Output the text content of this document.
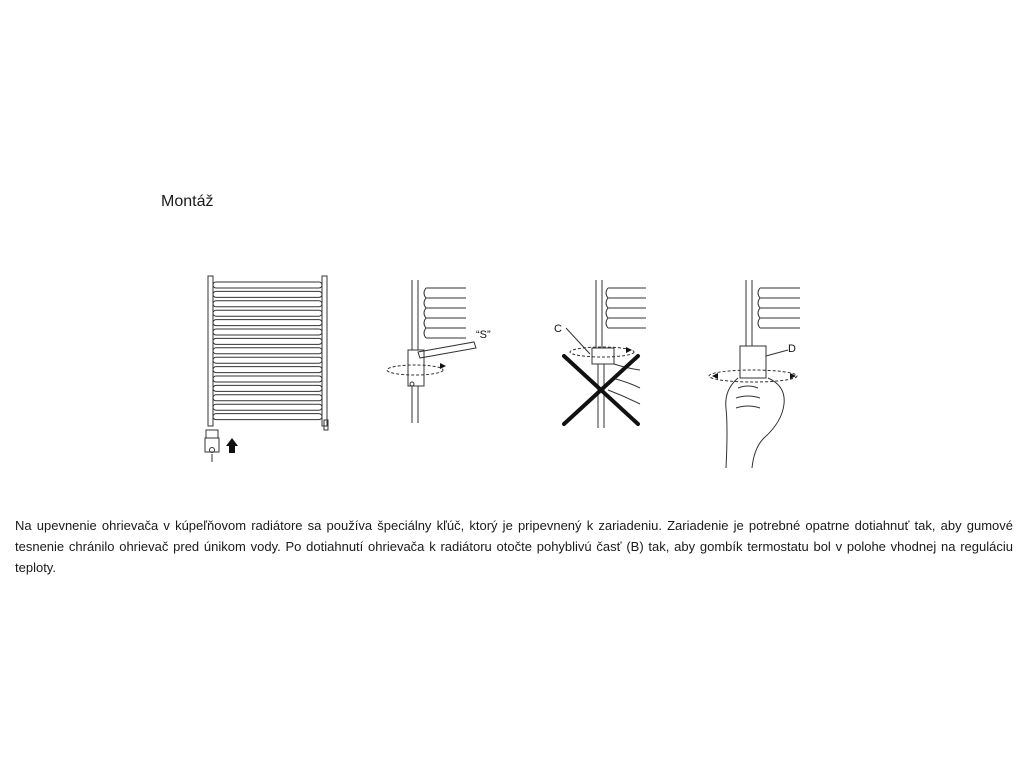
Montáž
“S”	C
D

Na upevnenie ohrievača v kúpeľňovom radiátore sa používa špeciálny kľúč, ktorý je pripevnený k zariadeniu. Zariadenie je potrebné opatrne dotiahnuť tak, aby gumové tesnenie chránilo ohrievač pred únikom vody. Po dotiahnutí ohrievača k radiátoru otočte pohyblivú časť (B) tak, aby gombík termostatu bol v polohe vhodnej na reguláciu teploty.
